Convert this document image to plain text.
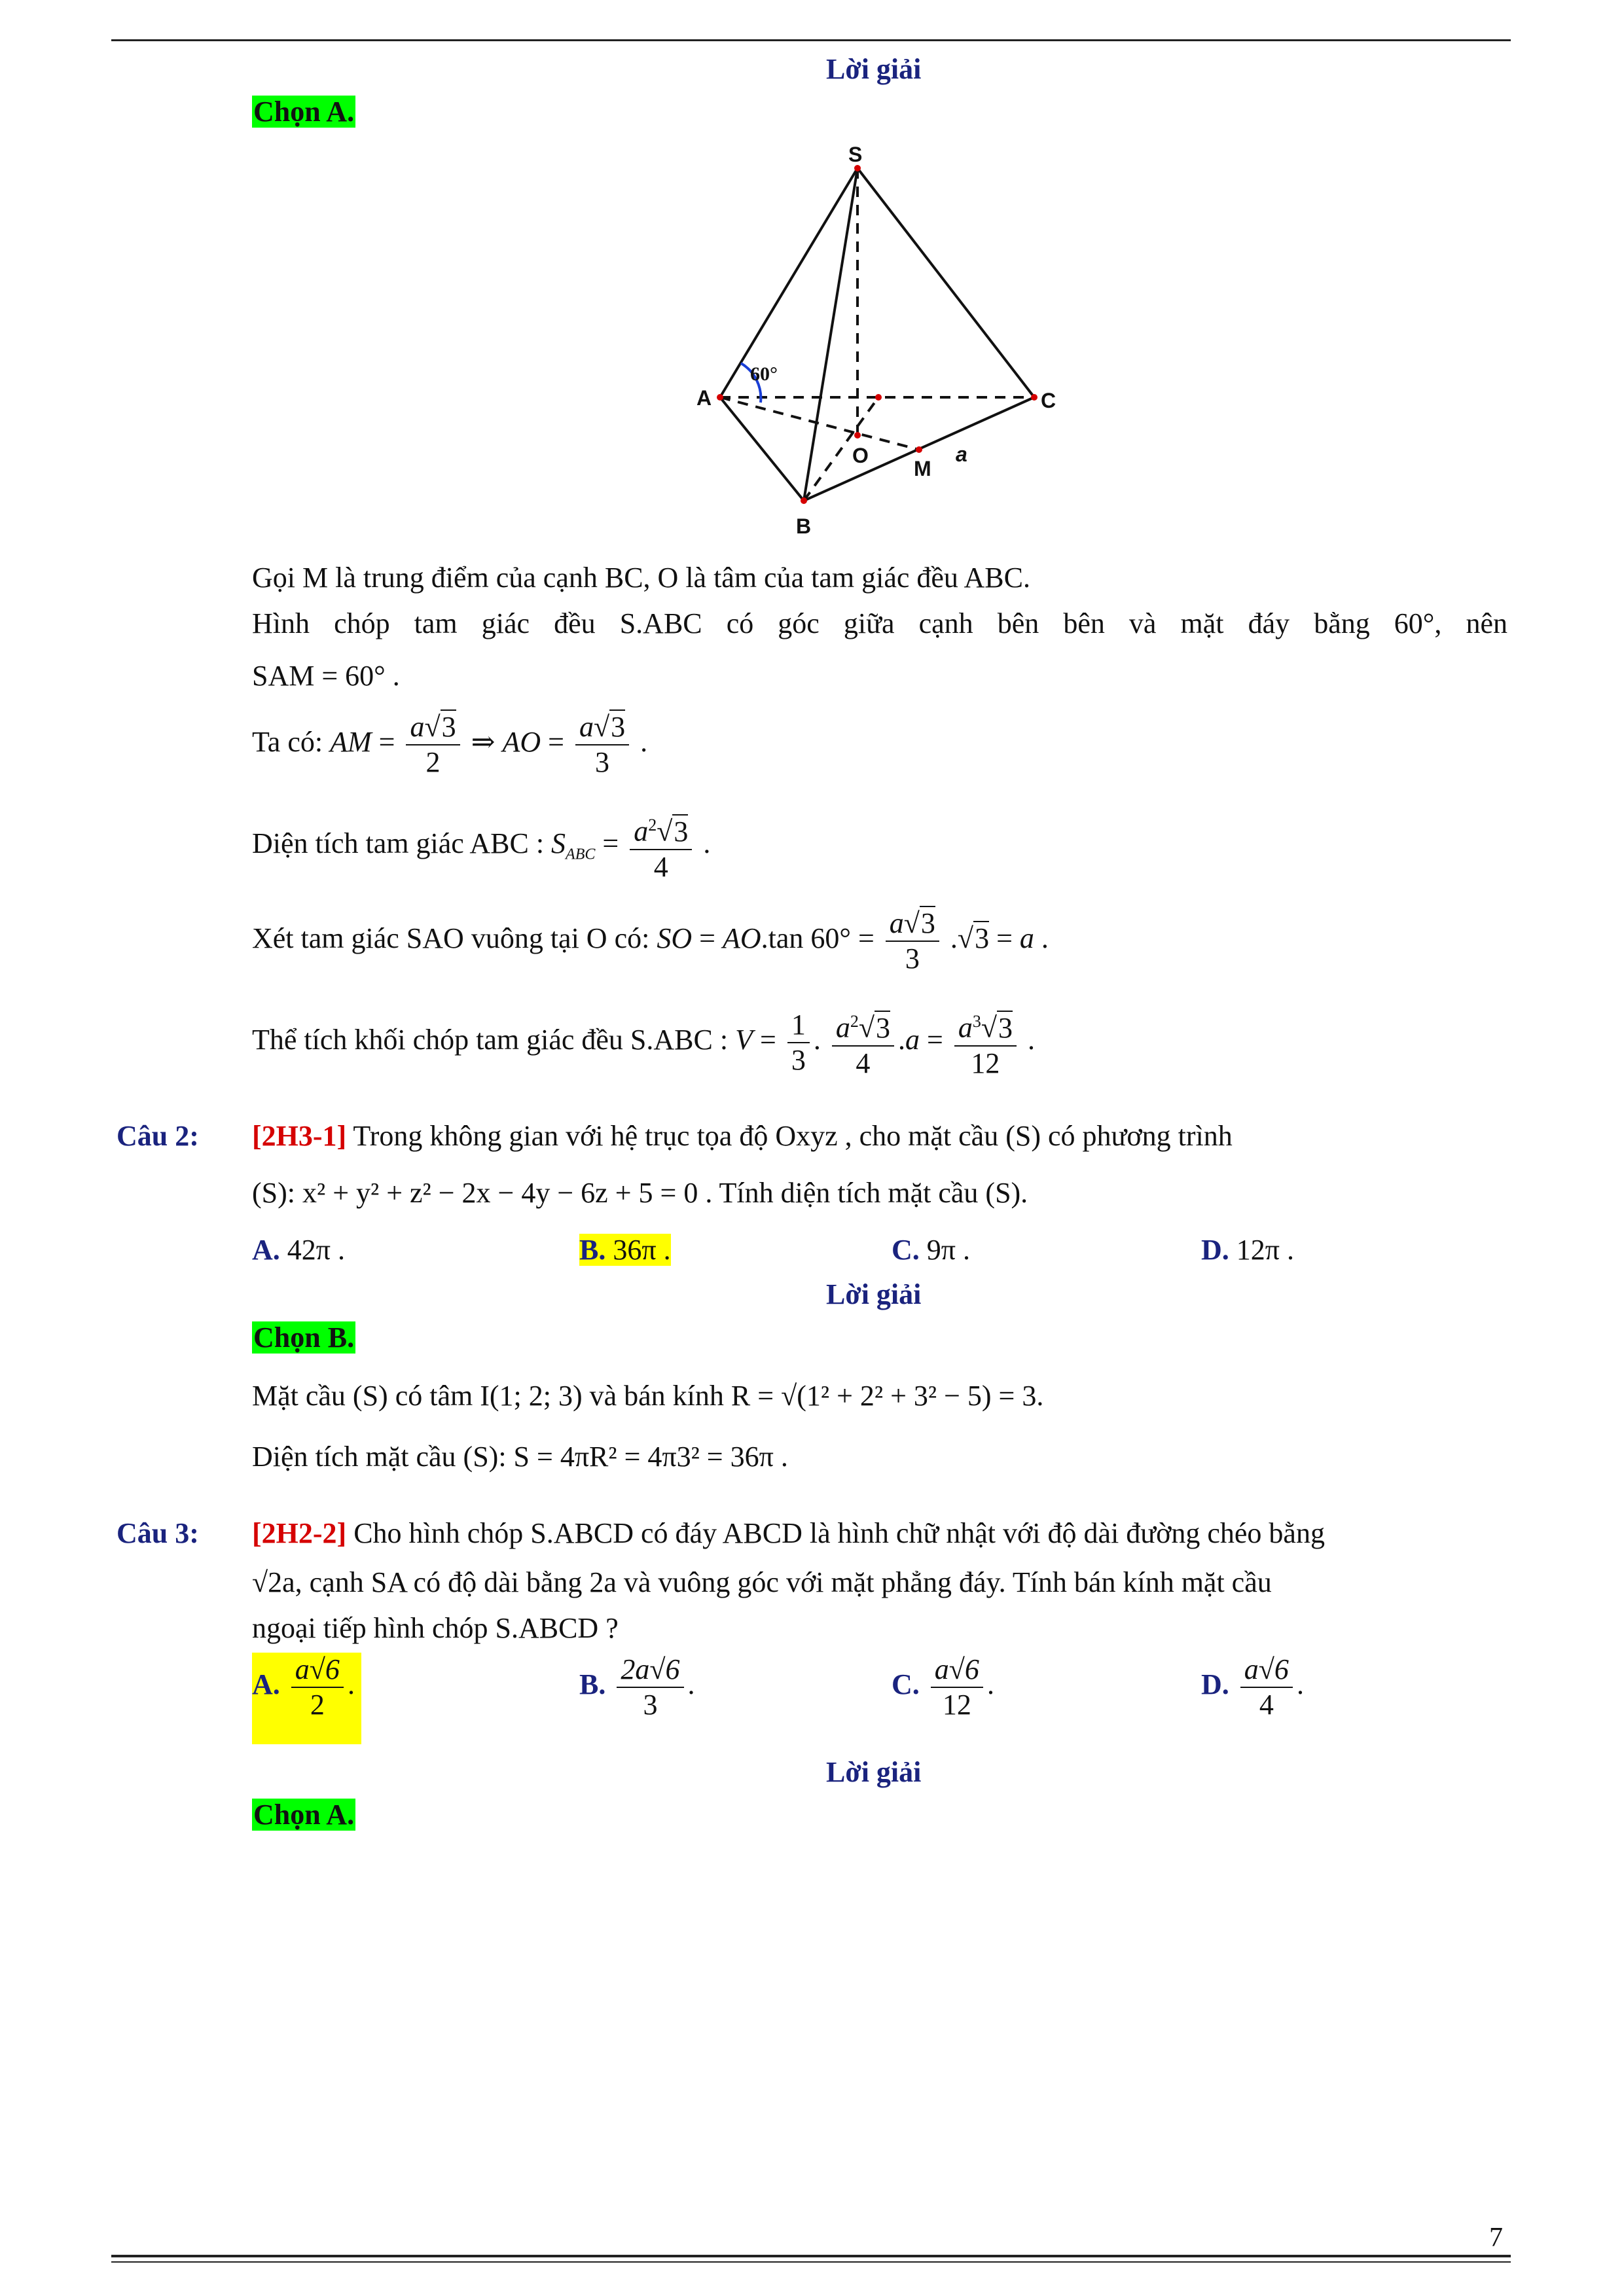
Lời giải
Chọn A.
S
A	C
B
O
M
a
60°
Gọi M là trung điểm của cạnh BC, O là tâm của tam giác đều ABC.
Hình chóp tam giác đều S.ABC có góc giữa cạnh bên bên và mặt đáy bằng 60°, nên
SAM = 60° .
Ta có: AM = $\frac{a√3}{2}$ ⇒ AO = $\frac{a√3}{3}$ .
Diện tích tam giác ABC : $S_{ABC} = \frac{a^2√3}{4}$ .
Xét tam giác SAO vuông tại O có: SO = AO.tan $60^\circ = \frac{a√3}{3} .√3 = a$ .
Thể tích khối chóp tam giác đều S.ABC : $V = \frac{1}{3}$ . $\frac{a^2√3}{4} .a = \frac{a^3√3}{12}$ .
Câu 2: [2H3-1] Trong không gian với hệ trục tọa độ Oxyz , cho mặt cầu (S) có phương trình
(S): x² + y² + z² − 2x − 4y − 6z + 5 = 0 . Tính diện tích mặt cầu (S).
A. 42π .	B. 36π .	C. 9π .	D. 12π .
Lời giải
Chọn B.
Mặt cầu (S) có tâm I(1; 2; 3) và bán kính R = √(1² + 2² + 3² − 5) = 3.
Diện tích mặt cầu (S): S = 4πR² = 4π3² = 36π .
Câu 3: [2H2-2] Cho hình chóp S.ABCD có đáy ABCD là hình chữ nhật với độ dài đường chéo bằng
√2a, cạnh SA có độ dài bằng 2a và vuông góc với mặt phẳng đáy. Tính bán kính mặt cầu
ngoại tiếp hình chóp S.ABCD ?
A. $\frac{a√6}{2}$ .	B. $\frac{2a√6}{3}$ .	C. $\frac{a√6}{12}$ .	D. $\frac{a√6}{4}$ .
Lời giải
Chọn A.
7
